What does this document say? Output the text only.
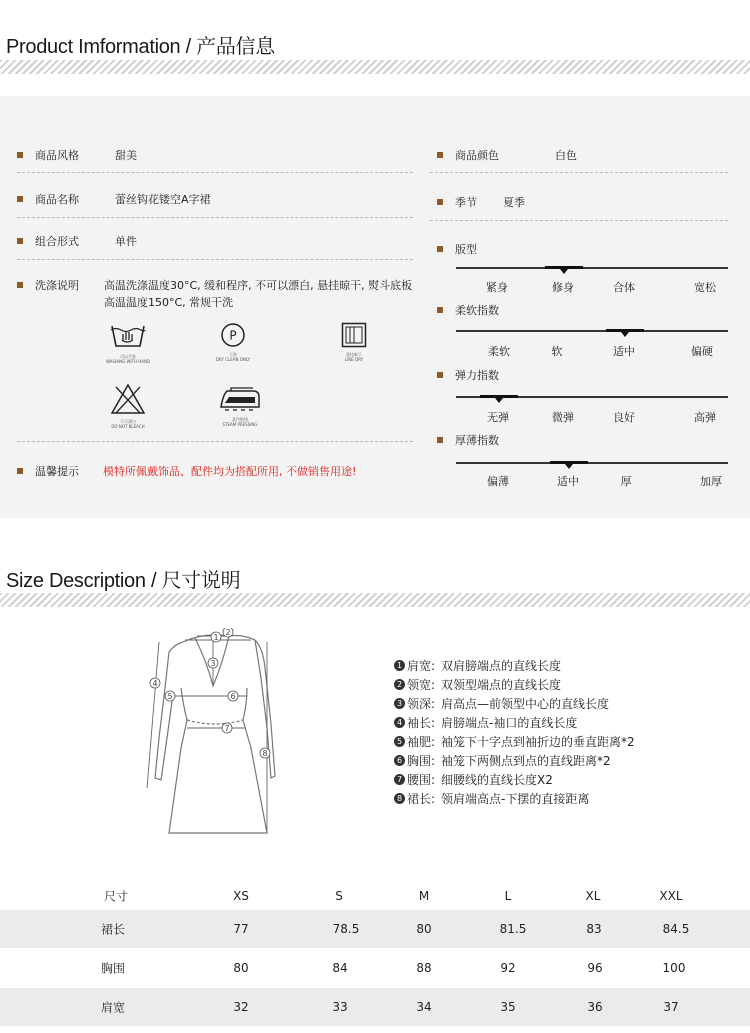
Product Imformation / 产品信息
商品风格	甜美
商品名称	蕾丝钩花镂空A字裙
组合形式	单件
洗涤说明	高温洗涤温度30°C, 缓和程序, 不可以漂白, 悬挂晾干, 熨斗底板高温温度150°C, 常规干洗
可以手洗
WASHING WITH HAND
P
干洗
DRY CLEAN ONLY
悬挂晾干
LINE DRY
不可漂白
DO NOT BLEACH
蒸汽熨烫
STEAM PRESSING
温馨提示	模特所佩戴饰品、配件均为搭配所用, 不做销售用途!
商品颜色	白色
季节	夏季
版型
紧身	修身	合体	宽松
柔软指数
柔软	软	适中	偏硬
弹力指数
无弹	微弹	良好	高弹
厚薄指数
偏薄	适中	厚	加厚
Size Description / 尺寸说明
1
2
3
4
5	6
7
8
1 肩宽: 双肩膀端点的直线长度
2 领宽: 双领型端点的直线长度
3 领深: 肩高点—前领型中心的直线长度
4 袖长: 肩膀端点-袖口的直线长度
5 袖肥: 袖笼下十字点到袖折边的垂直距离*2
6 胸围: 袖笼下两侧点到点的直线距离*2
7 腰围: 细腰线的直线长度X2
8 裙长: 领肩端高点-下摆的直接距离
尺寸	XS	S	M	L	XL	XXL
裙长	77	78.5	80	81.5	83	84.5
胸围	80	84	88	92	96	100
肩宽	32	33	34	35	36	37
